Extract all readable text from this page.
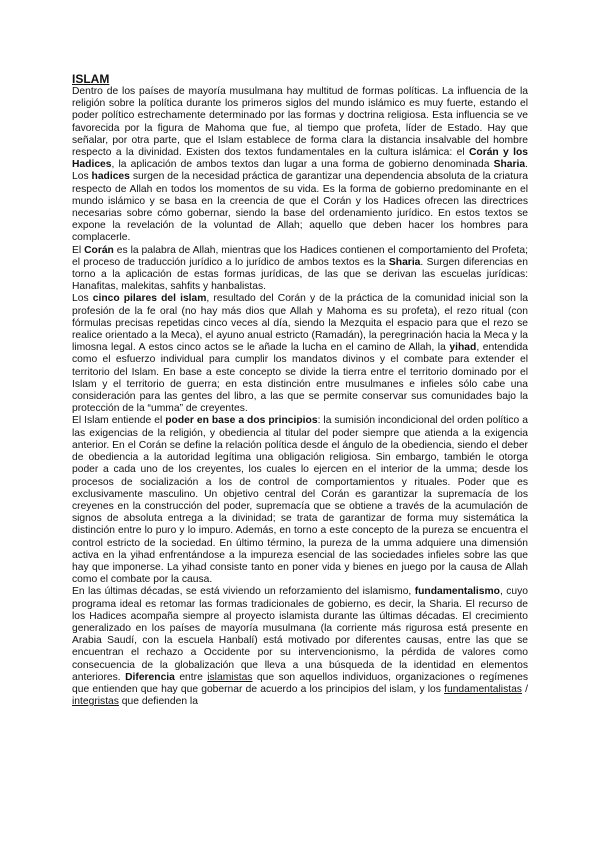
ISLAM

Dentro de los países de mayoría musulmana hay multitud de formas políticas. La influencia de la religión sobre la política durante los primeros siglos del mundo islámico es muy fuerte, estando el poder político estrechamente determinado por las formas y doctrina religiosa. Esta influencia se ve favorecida por la figura de Mahoma que fue, al tiempo que profeta, líder de Estado. Hay que señalar, por otra parte, que el Islam establece de forma clara la distancia insalvable del hombre respecto a la divinidad. Existen dos textos fundamentales en la cultura islámica: el Corán y los Hadices, la aplicación de ambos textos dan lugar a una forma de gobierno denominada Sharia. Los hadices surgen de la necesidad práctica de garantizar una dependencia absoluta de la criatura respecto de Allah en todos los momentos de su vida. Es la forma de gobierno predominante en el mundo islámico y se basa en la creencia de que el Corán y los Hadices ofrecen las directrices necesarias sobre cómo gobernar, siendo la base del ordenamiento jurídico. En estos textos se expone la revelación de la voluntad de Allah; aquello que deben hacer los hombres para complacerle.

El Corán es la palabra de Allah, mientras que los Hadices contienen el comportamiento del Profeta; el proceso de traducción jurídico a lo jurídico de ambos textos es la Sharia. Surgen diferencias en torno a la aplicación de estas formas jurídicas, de las que se derivan las escuelas jurídicas: Hanafitas, malekitas, sahfits y hanbalistas.

Los cinco pilares del islam, resultado del Corán y de la práctica de la comunidad inicial son la profesión de la fe oral (no hay más dios que Allah y Mahoma es su profeta), el rezo ritual (con fórmulas precisas repetidas cinco veces al día, siendo la Mezquita el espacio para que el rezo se realice orientado a la Meca), el ayuno anual estricto (Ramadán), la peregrinación hacia la Meca y la limosna legal. A estos cinco actos se le añade la lucha en el camino de Allah, la yihad, entendida como el esfuerzo individual para cumplir los mandatos divinos y el combate para extender el territorio del Islam. En base a este concepto se divide la tierra entre el territorio dominado por el Islam y el territorio de guerra; en esta distinción entre musulmanes e infieles sólo cabe una consideración para las gentes del libro, a las que se permite conservar sus comunidades bajo la protección de la “umma” de creyentes.

El Islam entiende el poder en base a dos principios: la sumisión incondicional del orden político a las exigencias de la religión, y obediencia al titular del poder siempre que atienda a la exigencia anterior. En el Corán se define la relación política desde el ángulo de la obediencia, siendo el deber de obediencia a la autoridad legítima una obligación religiosa. Sin embargo, también le otorga poder a cada uno de los creyentes, los cuales lo ejercen en el interior de la umma; desde los procesos de socialización a los de control de comportamientos y rituales. Poder que es exclusivamente masculino. Un objetivo central del Corán es garantizar la supremacía de los creyenes en la construcción del poder, supremacía que se obtiene a través de la acumulación de signos de absoluta entrega a la divinidad; se trata de garantizar de forma muy sistemática la distinción entre lo puro y lo impuro. Además, en torno a este concepto de la pureza se encuentra el control estricto de la sociedad. En último término, la pureza de la umma adquiere una dimensión activa en la yihad enfrentándose a la impureza esencial de las sociedades infieles sobre las que hay que imponerse. La yihad consiste tanto en poner vida y bienes en juego por la causa de Allah como el combate por la causa.

En las últimas décadas, se está viviendo un reforzamiento del islamismo, fundamentalismo, cuyo programa ideal es retomar las formas tradicionales de gobierno, es decir, la Sharia. El recurso de los Hadices acompaña siempre al proyecto islamista durante las últimas décadas. El crecimiento generalizado en los países de mayoría musulmana (la corriente más rigurosa está presente en Arabia Saudí, con la escuela Hanbalí) está motivado por diferentes causas, entre las que se encuentran el rechazo a Occidente por su intervencionismo, la pérdida de valores como consecuencia de la globalización que lleva a una búsqueda de la identidad en elementos anteriores. Diferencia entre islamistas que son aquellos individuos, organizaciones o regímenes que entienden que hay que gobernar de acuerdo a los principios del islam, y los fundamentalistas / integristas que defienden la
